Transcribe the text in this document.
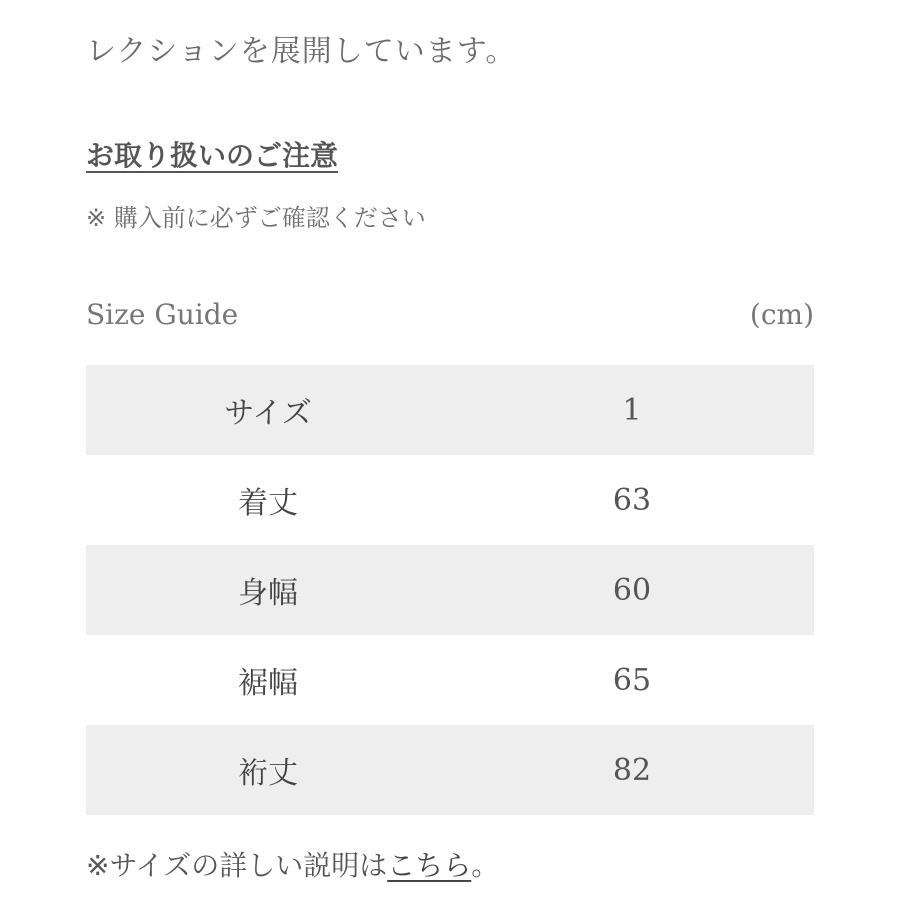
レクションを展開しています。
お取り扱いのご注意
※ 購入前に必ずご確認ください
Size Guide	(cm)
サイズ	1
着丈	63
身幅	60
裾幅	65
裄丈	82
※サイズの詳しい説明はこちら。
